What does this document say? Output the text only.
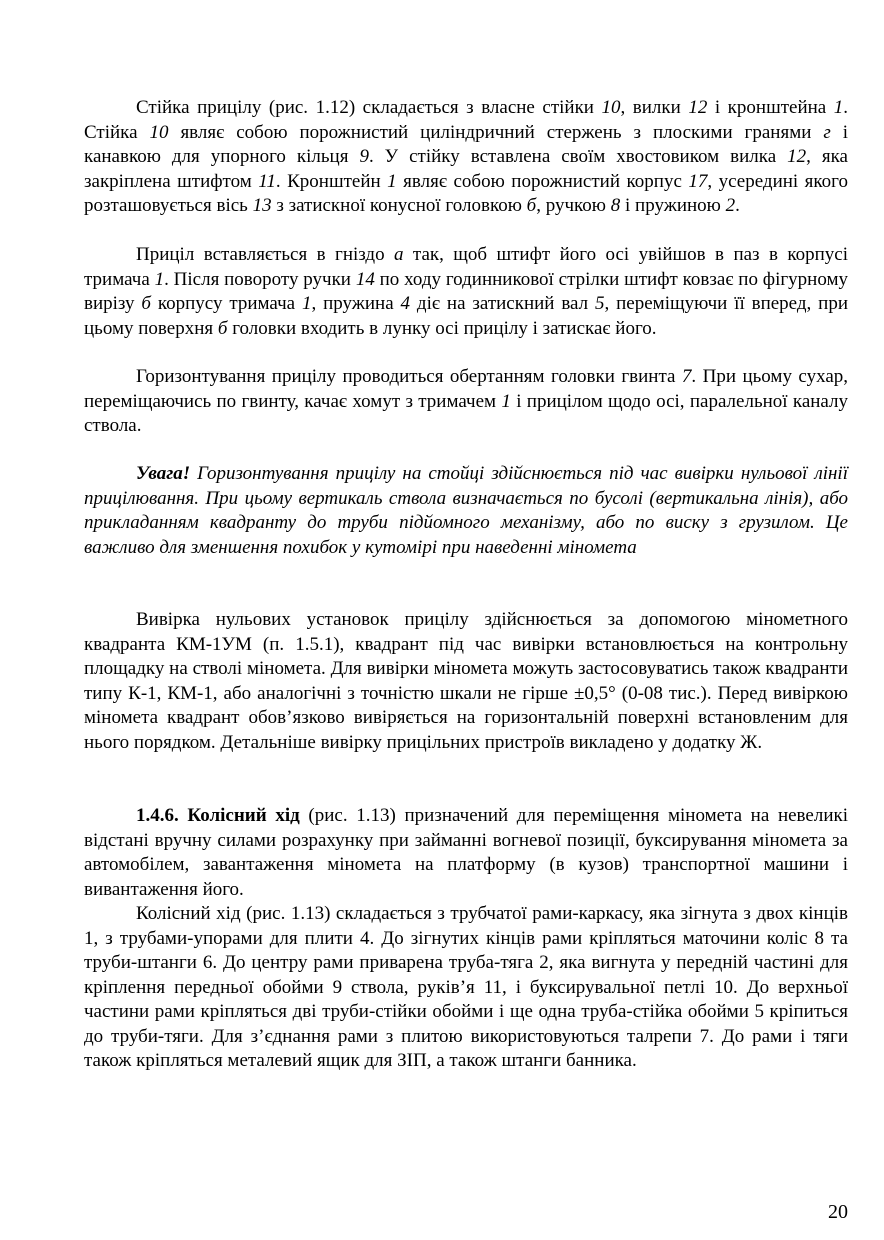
Стійка прицілу (рис. 1.12) складається з власне стійки 10, вилки 12 і кронштейна 1. Стійка 10 являє собою порожнистий циліндричний стержень з плоскими гранями г і канавкою для упорного кільця 9. У стійку вставлена своїм хвостовиком вилка 12, яка закріплена штифтом 11. Кронштейн 1 являє собою порожнистий корпус 17, усередині якого розташовується вісь 13 з затискної конусної головкою б, ручкою 8 і пружиною 2.

Приціл вставляється в гніздо а так, щоб штифт його осі увійшов в паз в корпусі тримача 1. Після повороту ручки 14 по ходу годинникової стрілки штифт ковзає по фігурному вирізу б корпусу тримача 1, пружина 4 діє на затискний вал 5, переміщуючи її вперед, при цьому поверхня б головки входить в лунку осі прицілу і затискає його.

Горизонтування прицілу проводиться обертанням головки гвинта 7. При цьому сухар, переміщаючись по гвинту, качає хомут з тримачем 1 і прицілом щодо осі, паралельної каналу ствола.

Увага! Горизонтування прицілу на стойці здійснюється під час вивірки нульової лінії прицілювання. При цьому вертикаль ствола визначається по бусолі (вертикальна лінія), або прикладанням квадранту до труби підйомного механізму, або по виску з грузилом. Це важливо для зменшення похибок у кутомірі при наведенні міномета

Вивірка нульових установок прицілу здійснюється за допомогою мінометного квадранта КМ-1УМ (п. 1.5.1), квадрант під час вивірки встановлюється на контрольну площадку на стволі міномета. Для вивірки міномета можуть застосовуватись також квадранти типу К-1, КМ-1, або аналогічні з точністю шкали не гірше ±0,5° (0-08 тис.). Перед вивіркою міномета квадрант обов’язково вивіряється на горизонтальній поверхні встановленим для нього порядком. Детальніше вивірку прицільних пристроїв викладено у додатку Ж.

1.4.6. Колісний хід (рис. 1.13) призначений для переміщення міномета на невеликі відстані вручну силами розрахунку при займанні вогневої позиції, буксирування міномета за автомобілем, завантаження міномета на платформу (в кузов) транспортної машини і вивантаження його.

Колісний хід (рис. 1.13) складається з трубчатої рами-каркасу, яка зігнута з двох кінців 1, з трубами-упорами для плити 4. До зігнутих кінців рами кріпляться маточини коліс 8 та труби-штанги 6. До центру рами приварена труба-тяга 2, яка вигнута у передній частині для кріплення передньої обойми 9 ствола, руків’я 11, і буксирувальної петлі 10. До верхньої частини рами кріпляться дві труби-стійки обойми і ще одна труба-стійка обойми 5 кріпиться до труби-тяги. Для з’єднання рами з плитою використовуються талрепи 7. До рами і тяги також кріпляться металевий ящик для ЗІП, а також штанги банника.

20
